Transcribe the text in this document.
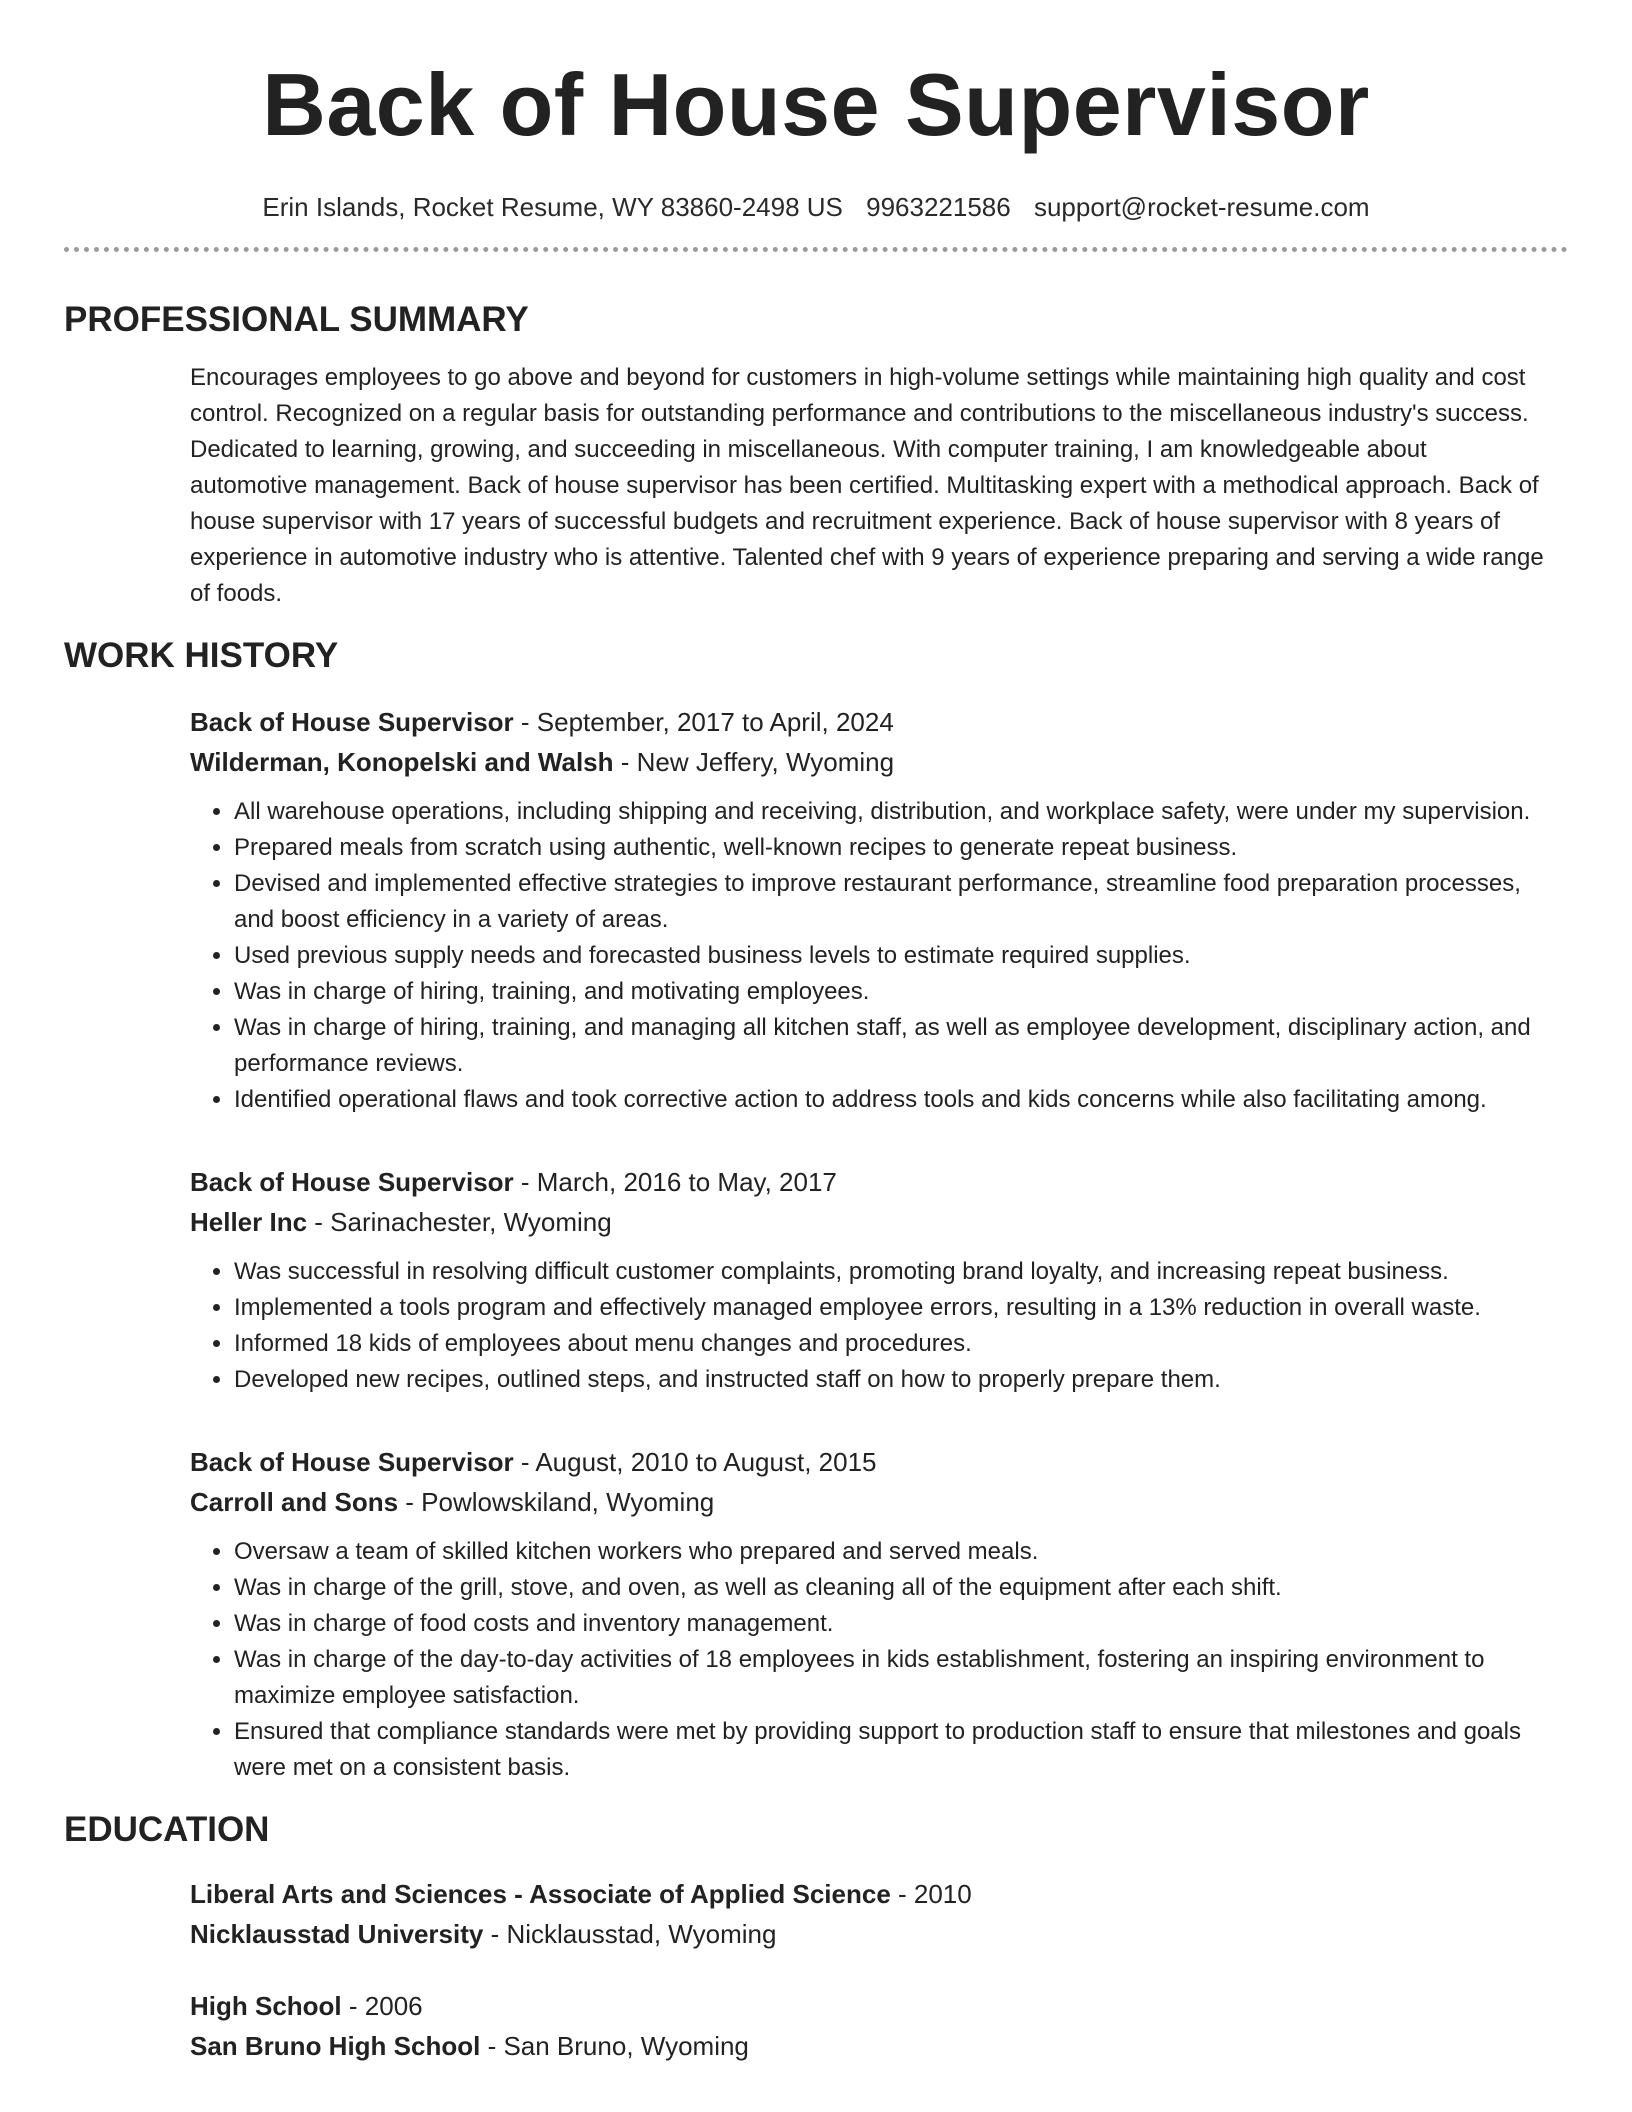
Back of House Supervisor
Erin Islands, Rocket Resume, WY 83860-2498 US 9963221586 support@rocket-resume.com
PROFESSIONAL SUMMARY
Encourages employees to go above and beyond for customers in high-volume settings while maintaining high quality and cost control. Recognized on a regular basis for outstanding performance and contributions to the miscellaneous industry's success. Dedicated to learning, growing, and succeeding in miscellaneous. With computer training, I am knowledgeable about automotive management. Back of house supervisor has been certified. Multitasking expert with a methodical approach. Back of house supervisor with 17 years of successful budgets and recruitment experience. Back of house supervisor with 8 years of experience in automotive industry who is attentive. Talented chef with 9 years of experience preparing and serving a wide range of foods.
WORK HISTORY
Back of House Supervisor - September, 2017 to April, 2024
Wilderman, Konopelski and Walsh - New Jeffery, Wyoming
• All warehouse operations, including shipping and receiving, distribution, and workplace safety, were under my supervision.
• Prepared meals from scratch using authentic, well-known recipes to generate repeat business.
• Devised and implemented effective strategies to improve restaurant performance, streamline food preparation processes, and boost efficiency in a variety of areas.
• Used previous supply needs and forecasted business levels to estimate required supplies.
• Was in charge of hiring, training, and motivating employees.
• Was in charge of hiring, training, and managing all kitchen staff, as well as employee development, disciplinary action, and performance reviews.
• Identified operational flaws and took corrective action to address tools and kids concerns while also facilitating among.
Back of House Supervisor - March, 2016 to May, 2017
Heller Inc - Sarinachester, Wyoming
• Was successful in resolving difficult customer complaints, promoting brand loyalty, and increasing repeat business.
• Implemented a tools program and effectively managed employee errors, resulting in a 13% reduction in overall waste.
• Informed 18 kids of employees about menu changes and procedures.
• Developed new recipes, outlined steps, and instructed staff on how to properly prepare them.
Back of House Supervisor - August, 2010 to August, 2015
Carroll and Sons - Powlowskiland, Wyoming
• Oversaw a team of skilled kitchen workers who prepared and served meals.
• Was in charge of the grill, stove, and oven, as well as cleaning all of the equipment after each shift.
• Was in charge of food costs and inventory management.
• Was in charge of the day-to-day activities of 18 employees in kids establishment, fostering an inspiring environment to maximize employee satisfaction.
• Ensured that compliance standards were met by providing support to production staff to ensure that milestones and goals were met on a consistent basis.
EDUCATION
Liberal Arts and Sciences - Associate of Applied Science - 2010
Nicklausstad University - Nicklausstad, Wyoming
High School - 2006
San Bruno High School - San Bruno, Wyoming
